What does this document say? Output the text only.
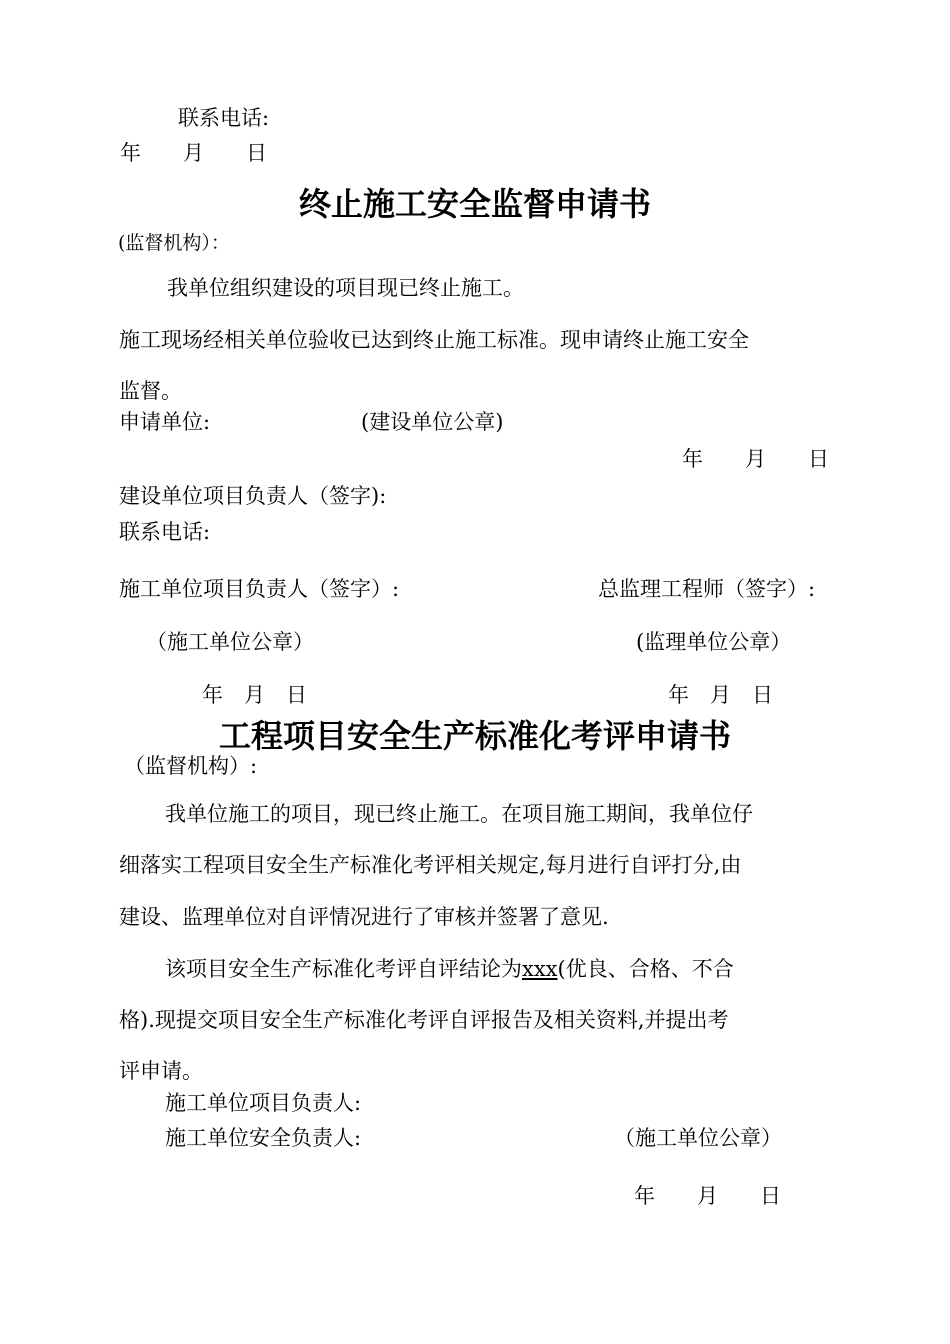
联系电话:
年　　月　　日
终止施工安全监督申请书
(监督机构）：
我单位组织建设的项目现已终止施工。
施工现场经相关单位验收已达到终止施工标准。现申请终止施工安全
监督。
申请单位:	(建设单位公章)
年　　月　　日
建设单位项目负责人（签字):
联系电话:
施工单位项目负责人（签字）:	总监理工程师（签字）:
（施工单位公章）	(监理单位公章）
年　月　日	年　月　日
工程项目安全生产标准化考评申请书
（监督机构）:
我单位施工的项目，现已终止施工。在项目施工期间，我单位仔
细落实工程项目安全生产标准化考评相关规定,每月进行自评打分,由
建设、监理单位对自评情况进行了审核并签署了意见.
该项目安全生产标准化考评自评结论为xxx(优良、合格、不合
格).现提交项目安全生产标准化考评自评报告及相关资料,并提出考
评申请。
施工单位项目负责人:
施工单位安全负责人:	（施工单位公章）
年　　月　　日
